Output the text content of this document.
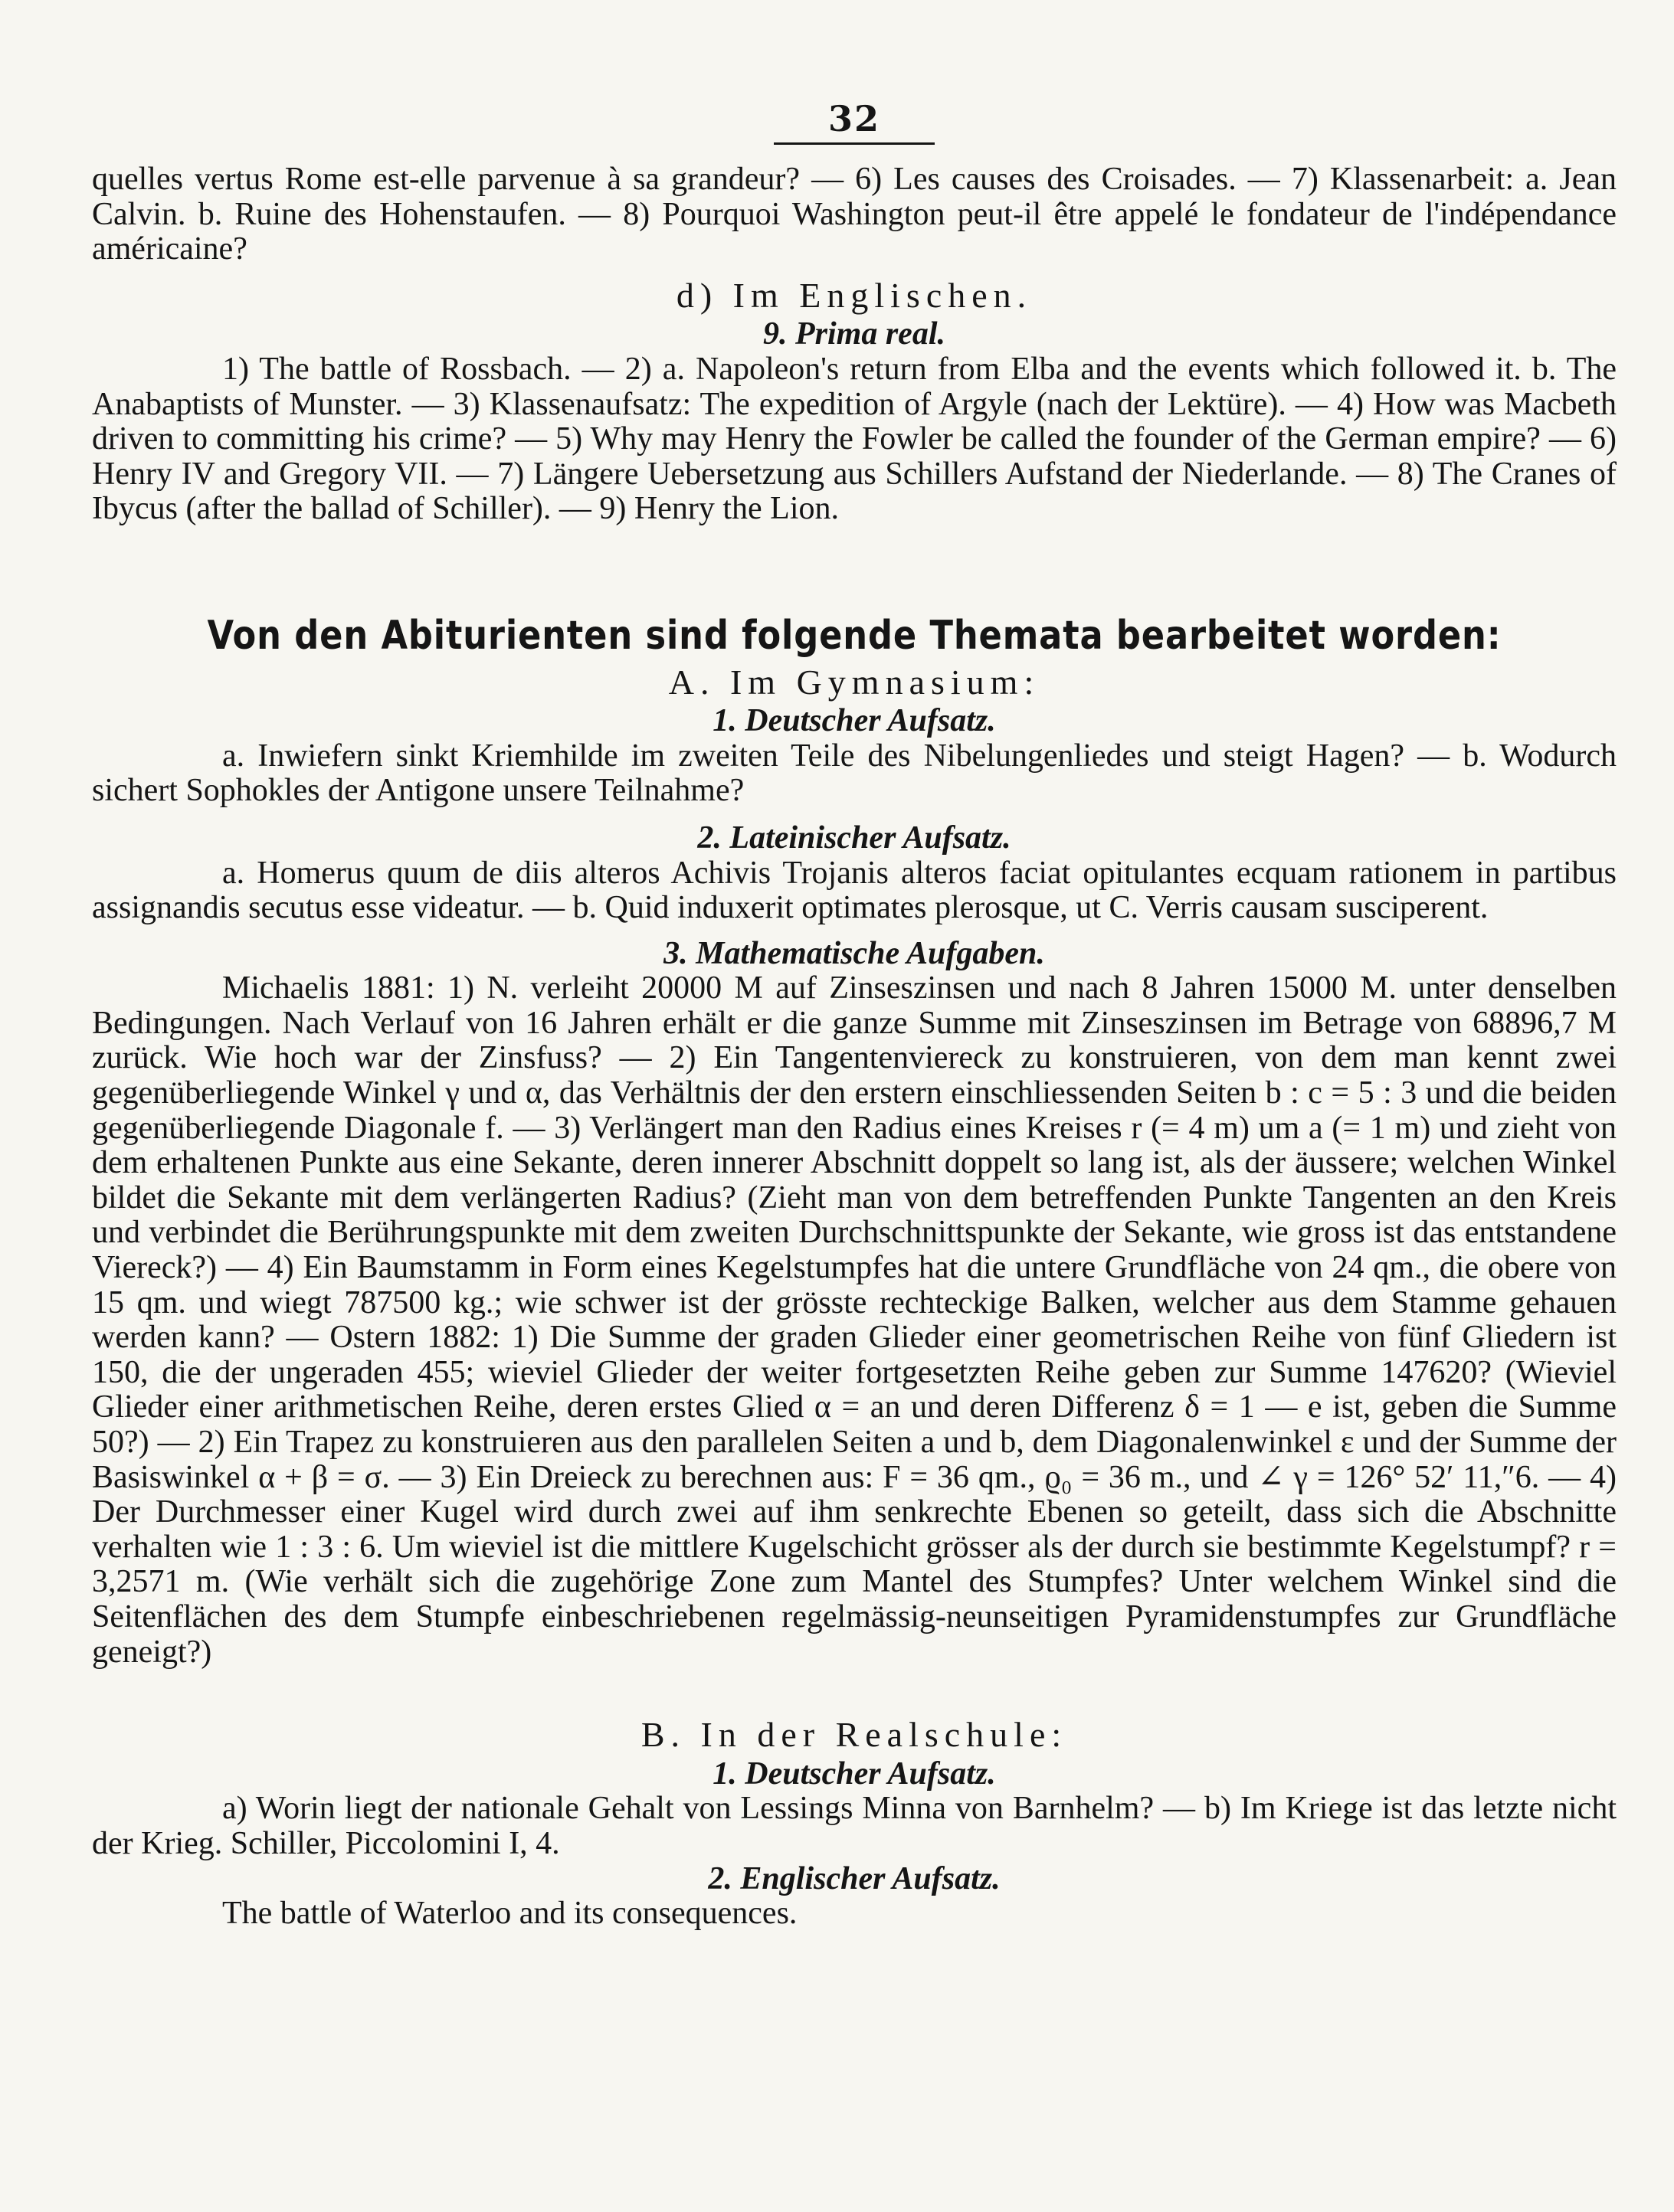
32

quelles vertus Rome est-elle parvenue à sa grandeur? — 6) Les causes des Croisades. — 7) Klassenarbeit: a. Jean Calvin. b. Ruine des Hohenstaufen. — 8) Pourquoi Washington peut-il être appelé le fondateur de l'indépendance américaine?

d) Im Englischen.
9. Prima real.

1) The battle of Rossbach. — 2) a. Napoleon's return from Elba and the events which followed it. b. The Anabaptists of Munster. — 3) Klassenaufsatz: The expedition of Argyle (nach der Lektüre). — 4) How was Macbeth driven to committing his crime? — 5) Why may Henry the Fowler be called the founder of the German empire? — 6) Henry IV and Gregory VII. — 7) Längere Uebersetzung aus Schillers Aufstand der Niederlande. — 8) The Cranes of Ibycus (after the ballad of Schiller). — 9) Henry the Lion.

Von den Abiturienten sind folgende Themata bearbeitet worden:
A. Im Gymnasium:
1. Deutscher Aufsatz.

a. Inwiefern sinkt Kriemhilde im zweiten Teile des Nibelungenliedes und steigt Hagen? — b. Wodurch sichert Sophokles der Antigone unsere Teilnahme?

2. Lateinischer Aufsatz.

a. Homerus quum de diis alteros Achivis Trojanis alteros faciat opitulantes ecquam rationem in partibus assignandis secutus esse videatur. — b. Quid induxerit optimates plerosque, ut C. Verris causam susciperent.

3. Mathematische Aufgaben.

Michaelis 1881: 1) N. verleiht 20000 M auf Zinseszinsen und nach 8 Jahren 15000 M. unter denselben Bedingungen. Nach Verlauf von 16 Jahren erhält er die ganze Summe mit Zinseszinsen im Betrage von 68896,7 M zurück. Wie hoch war der Zinsfuss? — 2) Ein Tangentenviereck zu konstruieren, von dem man kennt zwei gegenüberliegende Winkel γ und α, das Verhältnis der den erstern einschliessenden Seiten b : c = 5 : 3 und die beiden gegenüberliegende Diagonale f. — 3) Verlängert man den Radius eines Kreises r (= 4 m) um a (= 1 m) und zieht von dem erhaltenen Punkte aus eine Sekante, deren innerer Abschnitt doppelt so lang ist, als der äussere; welchen Winkel bildet die Sekante mit dem verlängerten Radius? (Zieht man von dem betreffenden Punkte Tangenten an den Kreis und verbindet die Berührungspunkte mit dem zweiten Durchschnittspunkte der Sekante, wie gross ist das entstandene Viereck?) — 4) Ein Baumstamm in Form eines Kegelstumpfes hat die untere Grundfläche von 24 qm., die obere von 15 qm. und wiegt 787500 kg.; wie schwer ist der grösste rechteckige Balken, welcher aus dem Stamme gehauen werden kann? — Ostern 1882: 1) Die Summe der graden Glieder einer geometrischen Reihe von fünf Gliedern ist 150, die der ungeraden 455; wieviel Glieder der weiter fortgesetzten Reihe geben zur Summe 147620? (Wieviel Glieder einer arithmetischen Reihe, deren erstes Glied α = an und deren Differenz δ = 1 — e ist, geben die Summe 50?) — 2) Ein Trapez zu konstruieren aus den parallelen Seiten a und b, dem Diagonalenwinkel ε und der Summe der Basiswinkel α + β = σ. — 3) Ein Dreieck zu berechnen aus: F = 36 qm., ϱ₀ = 36 m., und ∠ γ = 126° 52′ 11,″6. — 4) Der Durchmesser einer Kugel wird durch zwei auf ihm senkrechte Ebenen so geteilt, dass sich die Abschnitte verhalten wie 1 : 3 : 6. Um wieviel ist die mittlere Kugelschicht grösser als der durch sie bestimmte Kegelstumpf? r = 3,2571 m. (Wie verhält sich die zugehörige Zone zum Mantel des Stumpfes? Unter welchem Winkel sind die Seitenflächen des dem Stumpfe einbeschriebenen regelmässig-neunseitigen Pyramidenstumpfes zur Grundfläche geneigt?)

B. In der Realschule:
1. Deutscher Aufsatz.

a) Worin liegt der nationale Gehalt von Lessings Minna von Barnhelm? — b) Im Kriege ist das letzte nicht der Krieg. Schiller, Piccolomini I, 4.

2. Englischer Aufsatz.

The battle of Waterloo and its consequences.
